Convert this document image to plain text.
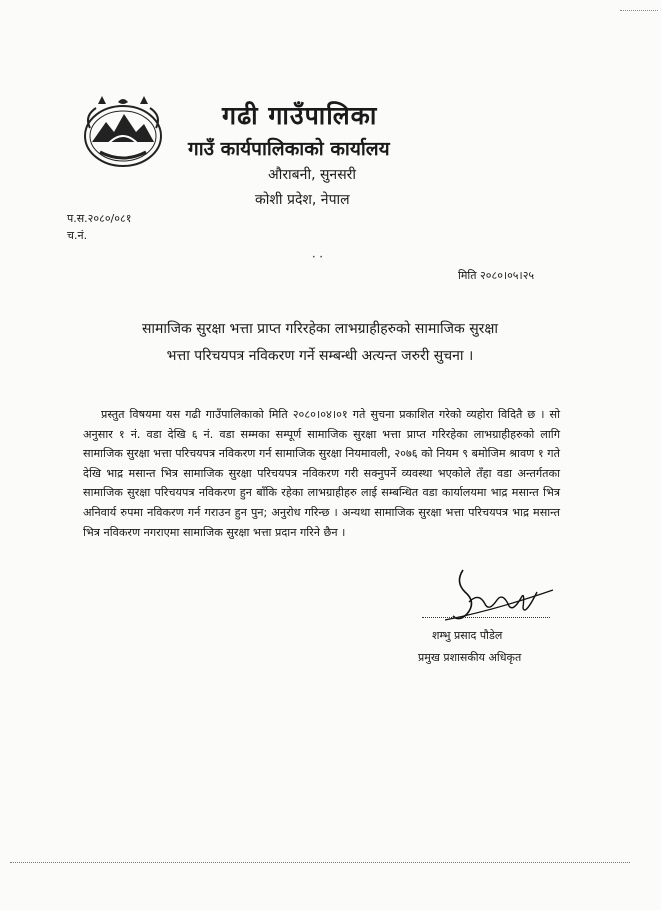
गढी गाउँपालिका
गाउँ कार्यपालिकाको कार्यालय
औराबनी, सुनसरी
कोशी प्रदेश, नेपाल
प.स.२०८०/०८१
च.नं.
•  •
मिति २०८०।०५।२५
सामाजिक सुरक्षा भत्ता प्राप्त गरिरहेका लाभग्राहीहरुको सामाजिक सुरक्षा
भत्ता परिचयपत्र नविकरण गर्ने सम्बन्धी अत्यन्त जरुरी सुचना ।
प्रस्तुत विषयमा यस गढी गाउँपालिकाको मिति २०८०।०४।०१ गते सुचना प्रकाशित गरेको व्यहोरा विदितै छ । सो अनुसार १ नं. वडा देखि ६ नं. वडा सम्मका सम्पूर्ण सामाजिक सुरक्षा भत्ता प्राप्त गरिरहेका लाभग्राहीहरुको लागि सामाजिक सुरक्षा भत्ता परिचयपत्र नविकरण गर्न सामाजिक सुरक्षा नियमावली, २०७६ को नियम ९ बमोजिम श्रावण १ गते देखि भाद्र मसान्त भित्र सामाजिक सुरक्षा परिचयपत्र नविकरण गरी सक्नुपर्ने व्यवस्था भएकोले तँहा वडा अन्तर्गतका सामाजिक सुरक्षा परिचयपत्र नविकरण हुन बाँकि रहेका लाभग्राहीहरु लाई सम्बन्धित वडा कार्यालयमा भाद्र मसान्त भित्र अनिवार्य रुपमा नविकरण गर्न गराउन हुन पुन; अनुरोध गरिन्छ । अन्यथा सामाजिक सुरक्षा भत्ता परिचयपत्र भाद्र मसान्त भित्र नविकरण नगराएमा सामाजिक सुरक्षा भत्ता प्रदान गरिने छैन ।
शम्भु प्रसाद पौडेल
प्रमुख प्रशासकीय अधिकृत
